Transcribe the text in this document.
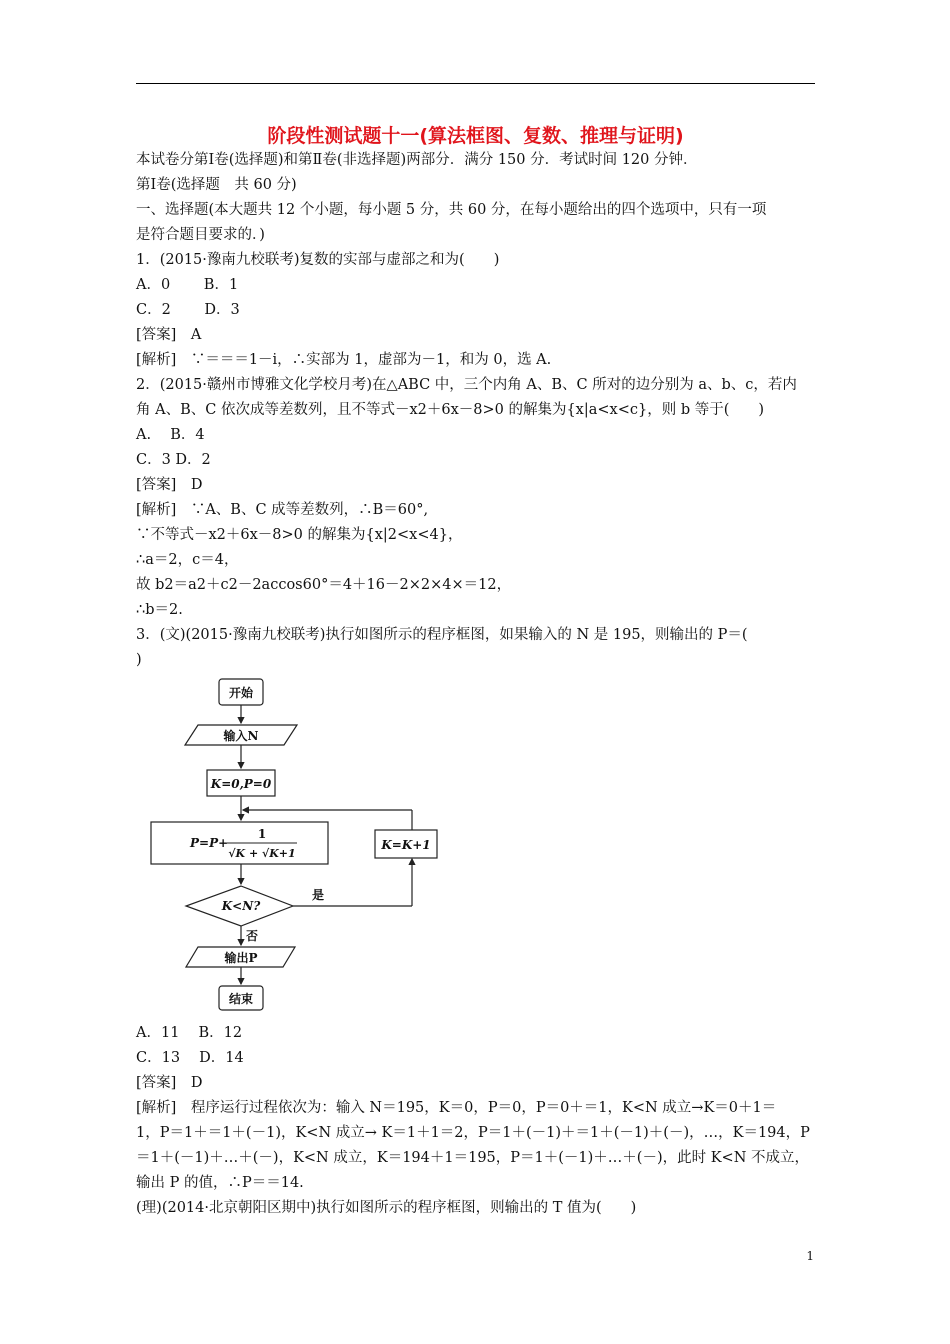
阶段性测试题十一(算法框图、复数、推理与证明)
本试卷分第Ⅰ卷(选择题)和第Ⅱ卷(非选择题)两部分．满分 150 分．考试时间 120 分钟．
第Ⅰ卷(选择题　共 60 分)
一、选择题(本大题共 12 个小题，每小题 5 分，共 60 分，在每小题给出的四个选项中，只有一项
是符合题目要求的．)
1．(2015·豫南九校联考)复数的实部与虚部之和为(　　)
A．0　　 B．1
C．2　　 D．3
[答案]　A
[解析]　∵＝＝＝1－i，∴实部为 1，虚部为－1，和为 0，选 A.
2．(2015·赣州市博雅文化学校月考)在△ABC 中，三个内角 A、B、C 所对的边分别为 a、b、c，若内
角 A、B、C 依次成等差数列，且不等式－x2＋6x－8>0 的解集为{x|a<x<c}，则 b 等于(　　)
A.　 B．4
C．3 D．2
[答案]　D
[解析]　∵A、B、C 成等差数列，∴B＝60°,
∵不等式－x2＋6x－8>0 的解集为{x|2<x<4}，
∴a＝2，c＝4，
故 b2＝a2＋c2－2accos60°＝4＋16－2×2×4×＝12，
∴b＝2.
3．(文)(2015·豫南九校联考)执行如图所示的程序框图，如果输入的 N 是 195，则输出的 P＝(
)
开始
输入N
K=0,P=0
P=P+
1
√K + √K+1
K<N?
输出P
结束
K=K+1
是
否
A．11　 B．12
C．13　 D．14
[答案]　D
[解析]　程序运行过程依次为：输入 N＝195，K＝0，P＝0，P＝0＋＝1，K<N 成立→K＝0＋1＝
1，P＝1＋＝1＋(－1)，K<N 成立→ K＝1＋1＝2，P＝1＋(－1)＋＝1＋(－1)＋(－)，…，K＝194，P
＝1＋(－1)＋…＋(－)，K<N 成立，K＝194＋1＝195，P＝1＋(－1)＋…＋(－)，此时 K<N 不成立，
输出 P 的值，∴P＝＝14.
(理)(2014·北京朝阳区期中)执行如图所示的程序框图，则输出的 T 值为(　　)
1
